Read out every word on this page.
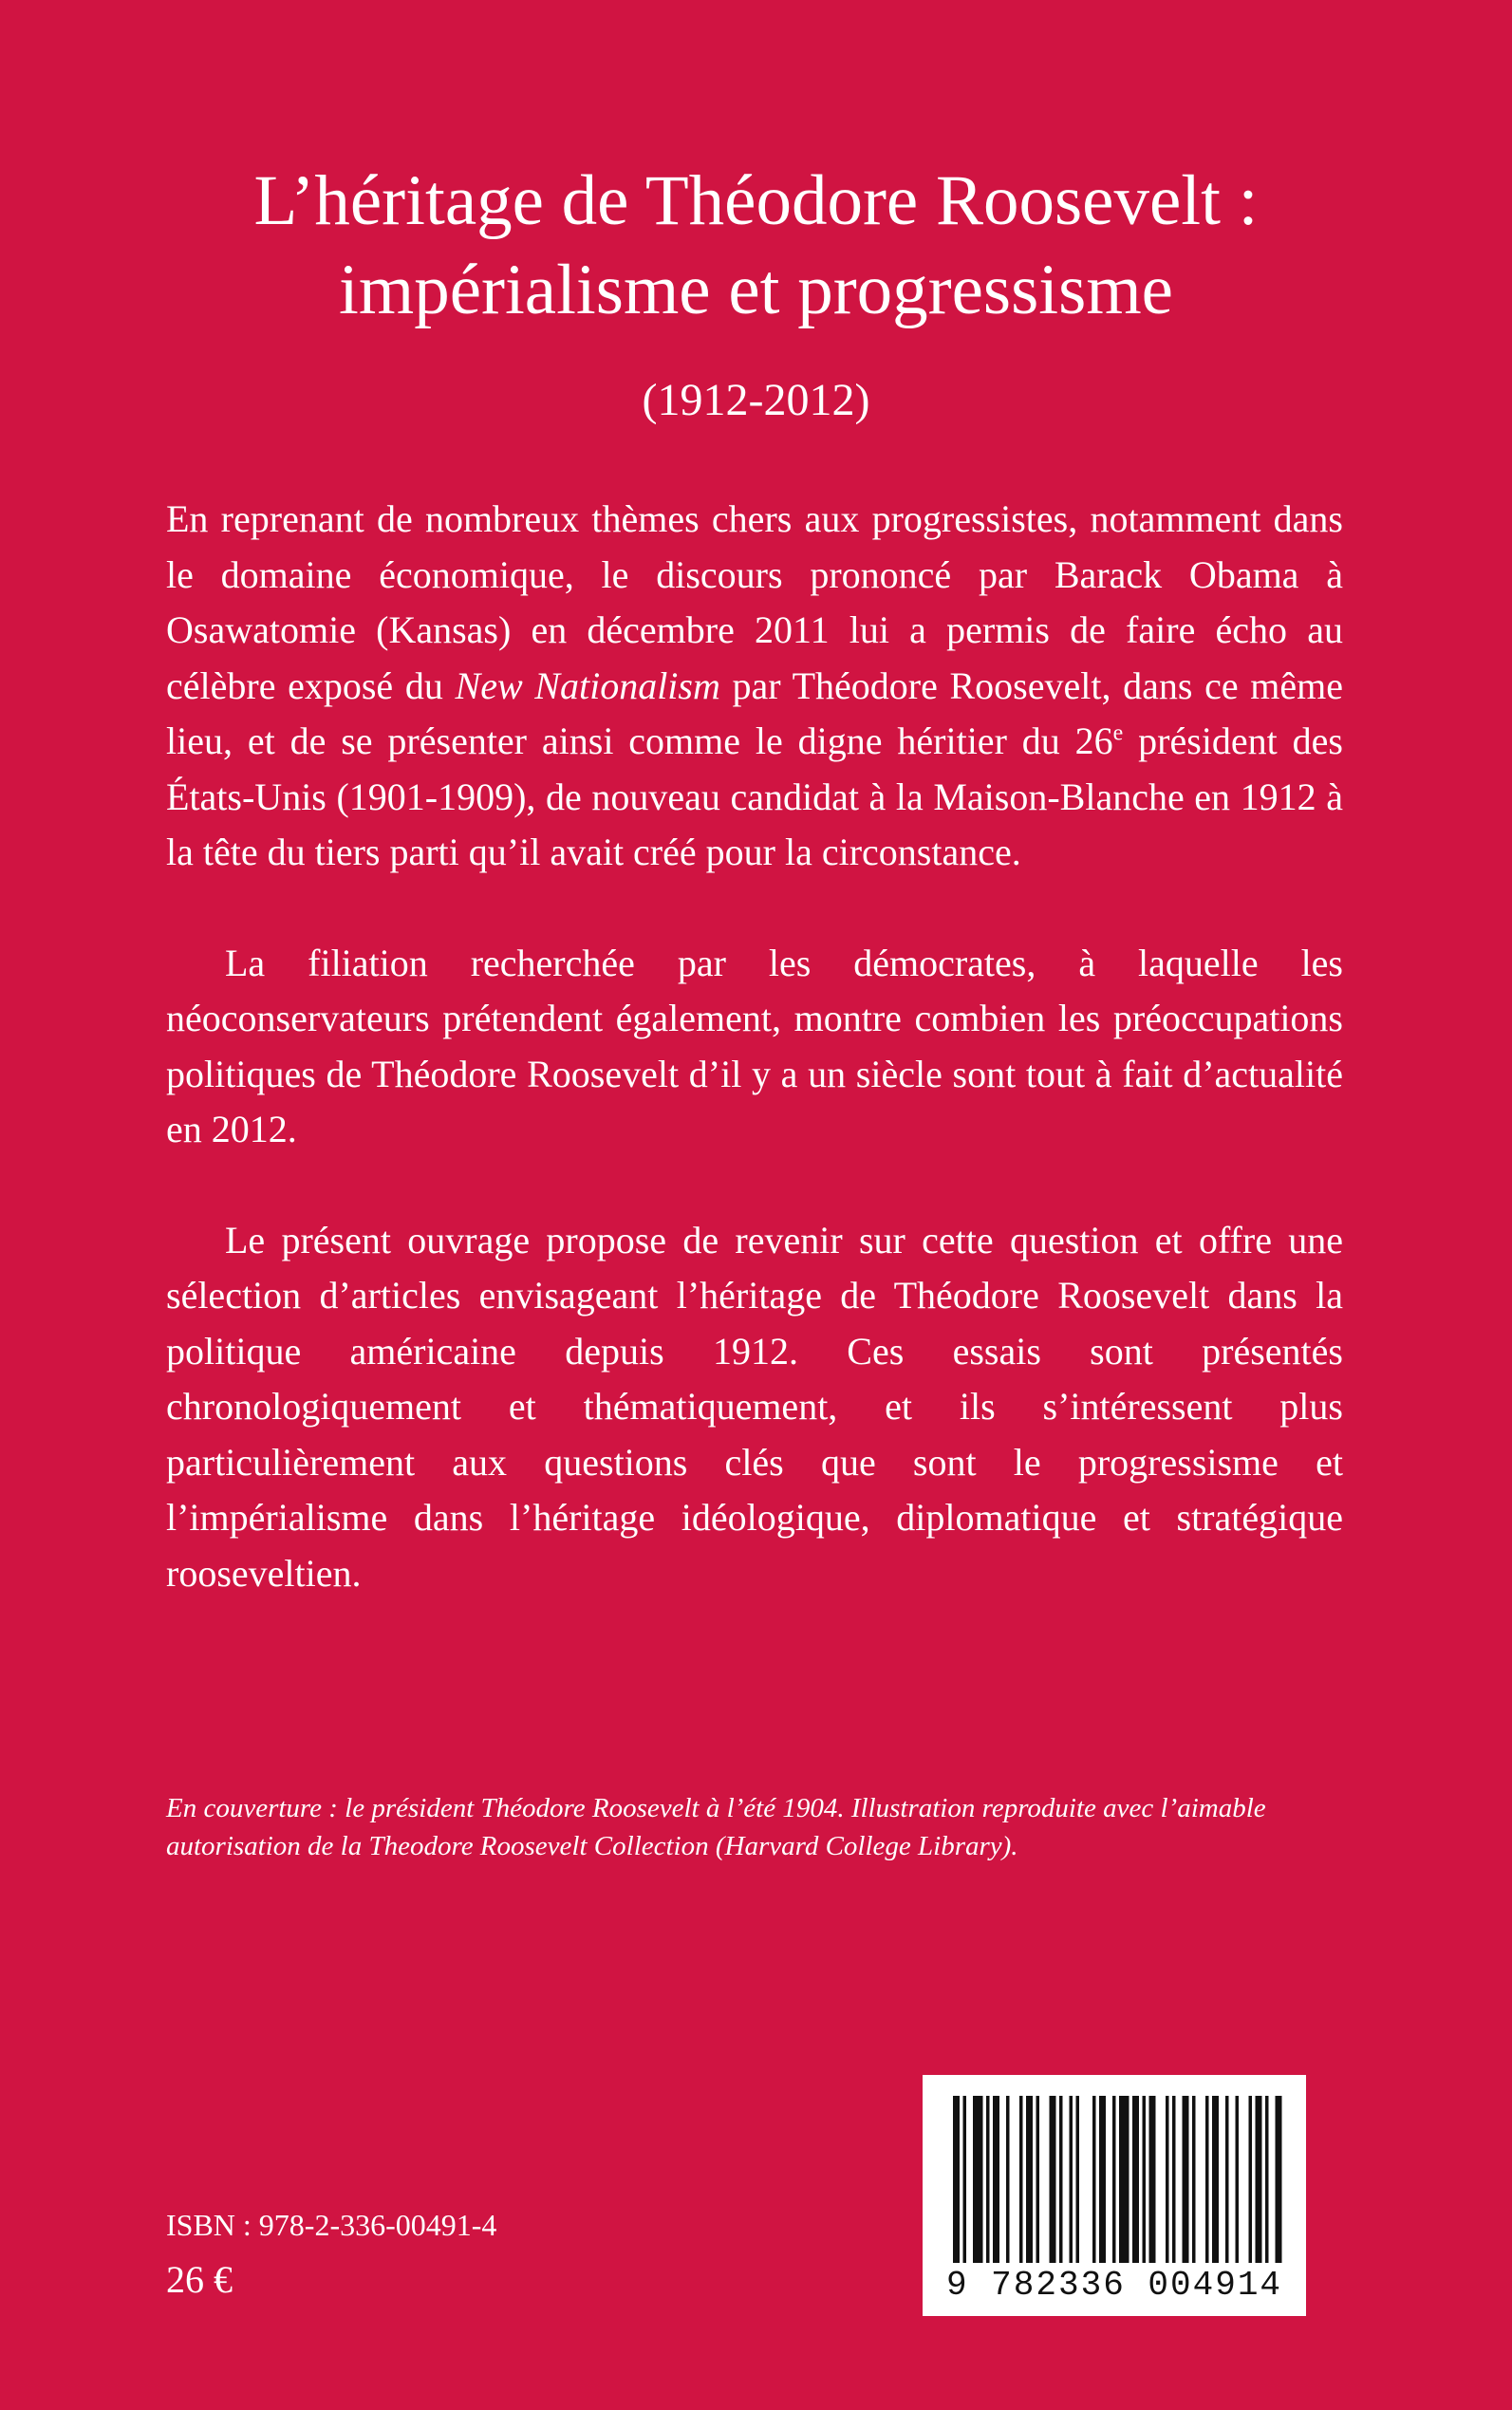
L’héritage de Théodore Roosevelt :
impérialisme et progressisme
(1912-2012)

En reprenant de nombreux thèmes chers aux progressistes, notamment dans le domaine économique, le discours prononcé par Barack Obama à Osawatomie (Kansas) en décembre 2011 lui a permis de faire écho au célèbre exposé du New Nationalism par Théodore Roosevelt, dans ce même lieu, et de se présenter ainsi comme le digne héritier du 26e président des États-Unis (1901-1909), de nouveau candidat à la Maison-Blanche en 1912 à la tête du tiers parti qu’il avait créé pour la circonstance.

La filiation recherchée par les démocrates, à laquelle les néoconservateurs prétendent également, montre combien les préoccupations politiques de Théodore Roosevelt d’il y a un siècle sont tout à fait d’actualité en 2012.

Le présent ouvrage propose de revenir sur cette question et offre une sélection d’articles envisageant l’héritage de Théodore Roosevelt dans la politique américaine depuis 1912. Ces essais sont présentés chronologiquement et thématiquement, et ils s’intéressent plus particulièrement aux questions clés que sont le progressisme et l’impérialisme dans l’héritage idéologique, diplomatique et stratégique rooseveltien.

En couverture : le président Théodore Roosevelt à l’été 1904. Illustration reproduite avec l’aimable autorisation de la Theodore Roosevelt Collection (Harvard College Library).

ISBN : 978-2-336-00491-4
26 €	9 782336 004914
